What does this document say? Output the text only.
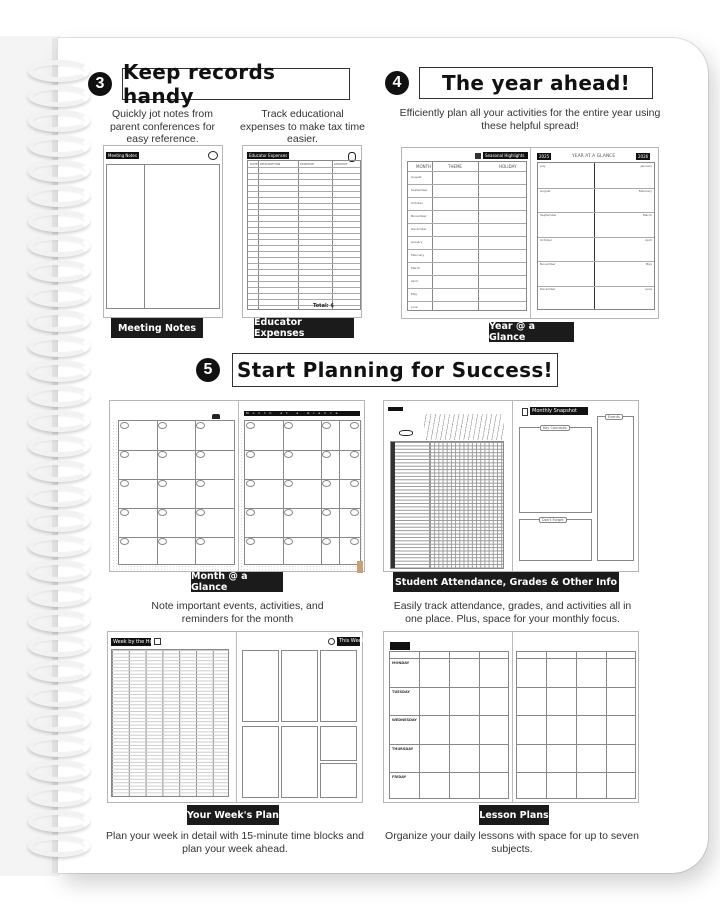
3 Keep records handy
Quickly jot notes from parent conferences for easy reference.
Track educational expenses to make tax time easier.
Meeting Notes
Meeting Notes
Educator Expenses
DATE DESCRIPTION	PURPOSE	AMOUNT
Total: $
Educator Expenses
4	The year ahead!
Efficiently plan all your activities for the entire year using these helpful spread!
Seasonal Highlights
MONTH	THEME	HOLIDAY
August
September
October
November
December
January
February
March
April
May
June
2025	YEAR AT A GLANCE	2026
July	January
August	February
September	March
October	April
November	May
December	June
Year @ a Glance
5	Start Planning for Success!
Month at a Glance
Month @ a Glance
Note important events, activities, and reminders for the month
Monthly Snapshot
Key Concepts
Don't Forget
Events
Student Attendance, Grades & Other Info
Easily track attendance, grades, and activities all in one place. Plus, space for your monthly focus.
Week by the Hour	This Week...
Your Week's Plan
Plan your week in detail with 15-minute time blocks and plan your week ahead.
MONDAY
TUESDAY
WEDNESDAY
THURSDAY
FRIDAY
Lesson Plans
Organize your daily lessons with space for up to seven subjects.
